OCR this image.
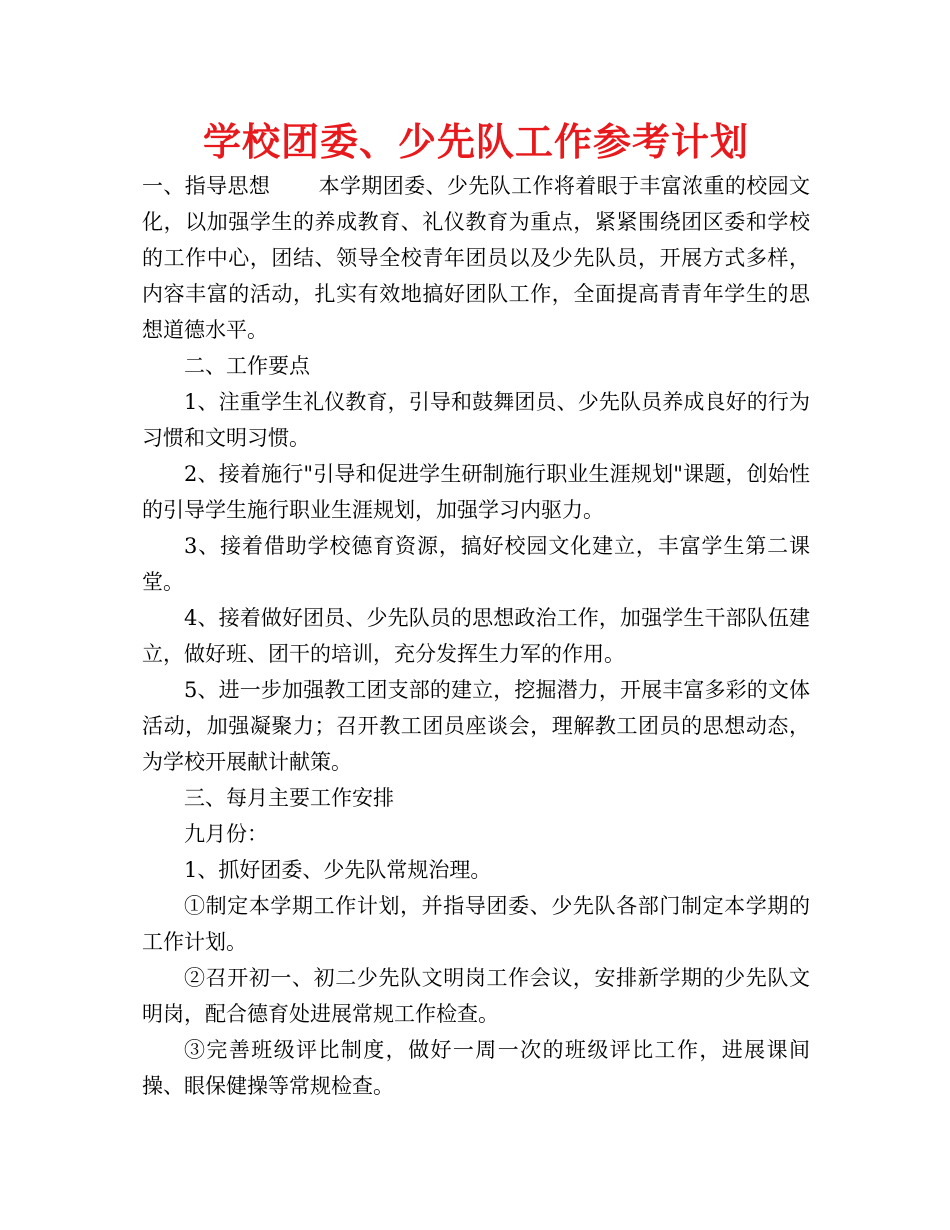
学校团委、少先队工作参考计划

一、指导思想 本学期团委、少先队工作将着眼于丰富浓重的校园文化，以加强学生的养成教育、礼仪教育为重点，紧紧围绕团区委和学校的工作中心，团结、领导全校青年团员以及少先队员，开展方式多样，内容丰富的活动，扎实有效地搞好团队工作，全面提高青青年学生的思想道德水平。

二、工作要点

1、注重学生礼仪教育，引导和鼓舞团员、少先队员养成良好的行为习惯和文明习惯。

2、接着施行"引导和促进学生研制施行职业生涯规划"课题，创始性的引导学生施行职业生涯规划，加强学习内驱力。

3、接着借助学校德育资源，搞好校园文化建立，丰富学生第二课堂。

4、接着做好团员、少先队员的思想政治工作，加强学生干部队伍建立，做好班、团干的培训，充分发挥生力军的作用。

5、进一步加强教工团支部的建立，挖掘潜力，开展丰富多彩的文体活动，加强凝聚力；召开教工团员座谈会，理解教工团员的思想动态，为学校开展献计献策。

三、每月主要工作安排

九月份：

1、抓好团委、少先队常规治理。

①制定本学期工作计划，并指导团委、少先队各部门制定本学期的工作计划。

②召开初一、初二少先队文明岗工作会议，安排新学期的少先队文明岗，配合德育处进展常规工作检查。

③完善班级评比制度，做好一周一次的班级评比工作，进展课间操、眼保健操等常规检查。
